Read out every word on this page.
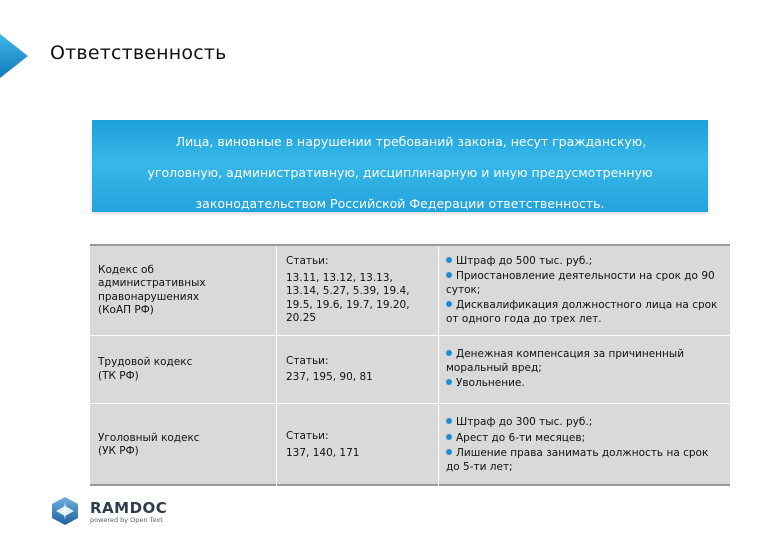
Ответственность
Лица, виновные в нарушении требований закона, несут гражданскую,
уголовную, административную, дисциплинарную и иную предусмотренную
законодательством Российской Федерации ответственность.
Кодекс об
административных
правонарушениях
(КоАП РФ)
Статьи:
13.11, 13.12, 13.13,
13.14, 5.27, 5.39, 19.4,
19.5, 19.6, 19.7, 19.20,
20.25
Штраф до 500 тыс. руб.;
Приостановление деятельности на срок до 90
суток;
Дисквалификация должностного лица на срок
от одного года до трех лет.
Трудовой кодекс
(ТК РФ)
Статьи:
237, 195, 90, 81
Денежная компенсация за причиненный
моральный вред;
Увольнение.
Уголовный кодекс
(УК РФ)
Статьи:
137, 140, 171
Штраф до 300 тыс. руб.;
Арест до 6-ти месяцев;
Лишение права занимать должность на срок
до 5-ти лет;
RAMDOC
powered by Open Text
